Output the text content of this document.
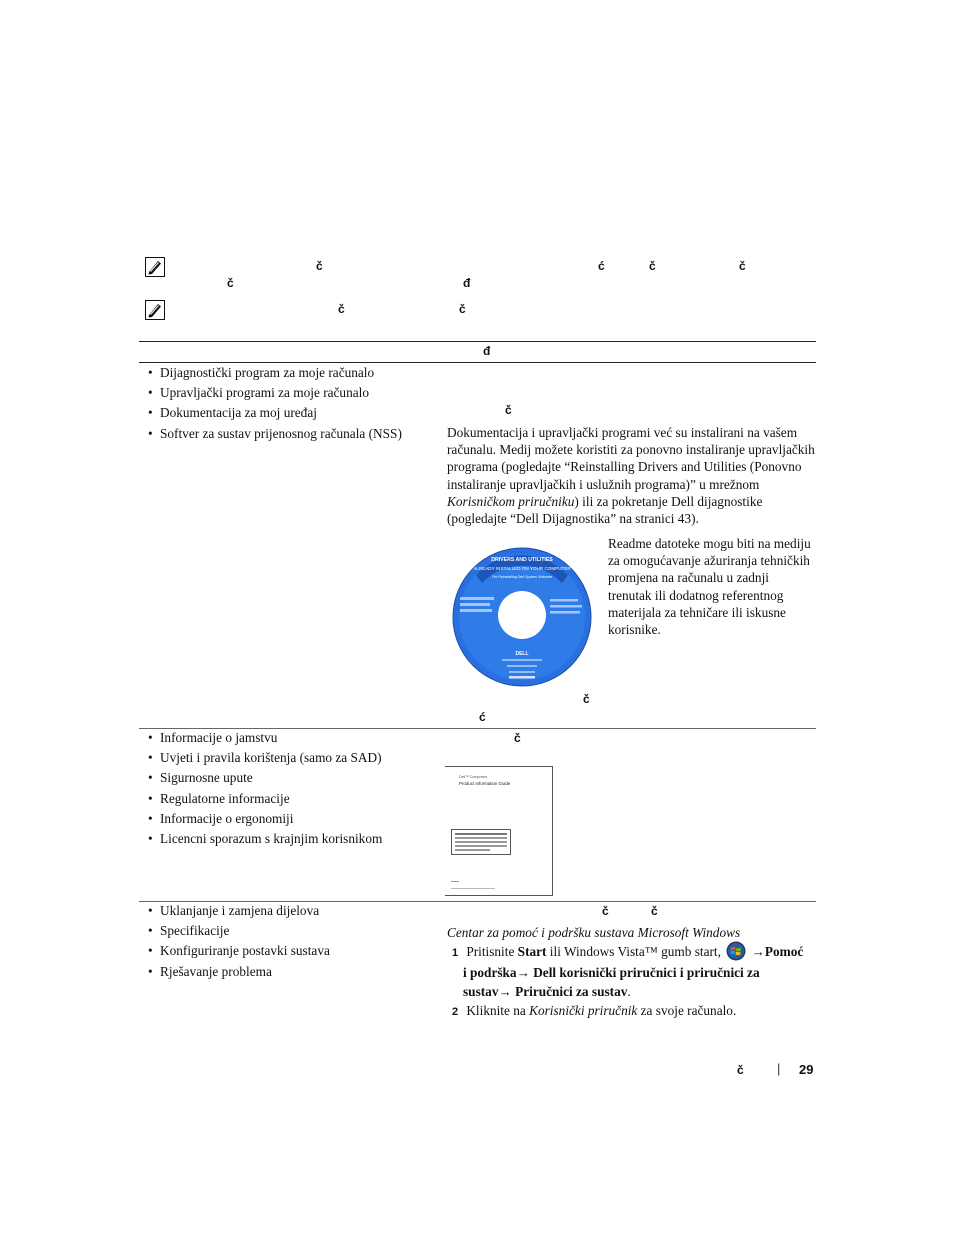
č	ć	č	č
č	đ
č	č
đ
• Dijagnostički program za moje računalo
• Upravljački programi za moje računalo
• Dokumentacija za moj uređaj
• Softver za sustav prijenosnog računala (NSS)
č
Dokumentacija i upravljački programi već su instalirani na vašem računalu. Medij možete koristiti za ponovno instaliranje upravljačkih programa (pogledajte “Reinstalling Drivers and Utilities (Ponovno instaliranje upravljačkih i uslužnih programa)” u mrežnom Korisničkom priručniku) ili za pokretanje Dell dijagnostike (pogledajte “Dell Dijagnostika” na stranici 43).
DRIVERS AND UTILITIES
ALREADY INSTALLED ON YOUR COMPUTER
For Reinstalling Dell System Software
DELL
Readme datoteke mogu biti na mediju za omogućavanje ažuriranja tehničkih promjena na računalu u zadnji trenutak ili dodatnog referentnog materijala za tehničare ili iskusne korisnike.
č
ć
• Informacije o jamstvu
• Uvjeti i pravila korištenja (samo za SAD)
• Sigurnosne upute
• Regulatorne informacije
• Informacije o ergonomiji
• Licencni sporazum s krajnjim korisnikom
č
Dell™ Computers
Product Information Guide
• Uklanjanje i zamjena dijelova
• Specifikacije
• Konfiguriranje postavki sustava
• Rješavanje problema
č	č
Centar za pomoć i podršku sustava Microsoft Windows
1 Pritisnite Start ili Windows Vista™ gumb start, →Pomoć
i podrška→ Dell korisnički priručnici i priručnici za
sustav→ Priručnici za sustav.
2 Kliknite na Korisnički priručnik za svoje računalo.
č	| 29
